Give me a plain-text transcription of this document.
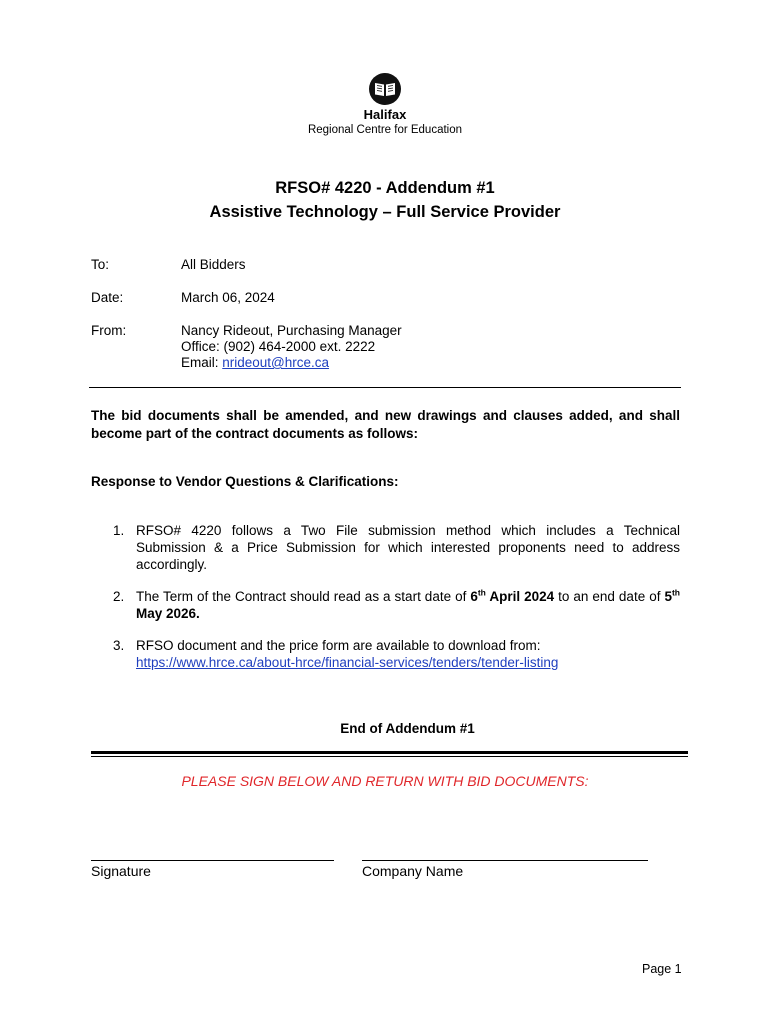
Halifax
Regional Centre for Education
RFSO# 4220 - Addendum #1
Assistive Technology – Full Service Provider
To:	All Bidders
Date:	March 06, 2024
From:	Nancy Rideout, Purchasing Manager
Office: (902) 464-2000 ext. 2222
Email: nrideout@hrce.ca
The bid documents shall be amended, and new drawings and clauses added, and shall become part of the contract documents as follows:
Response to Vendor Questions & Clarifications:
1. RFSO# 4220 follows a Two File submission method which includes a Technical Submission & a Price Submission for which interested proponents need to address accordingly.
2. The Term of the Contract should read as a start date of 6th April 2024 to an end date of 5th May 2026.
3. RFSO document and the price form are available to download from:
https://www.hrce.ca/about-hrce/financial-services/tenders/tender-listing
End of Addendum #1
PLEASE SIGN BELOW AND RETURN WITH BID DOCUMENTS:
Signature	Company Name
Page 1
